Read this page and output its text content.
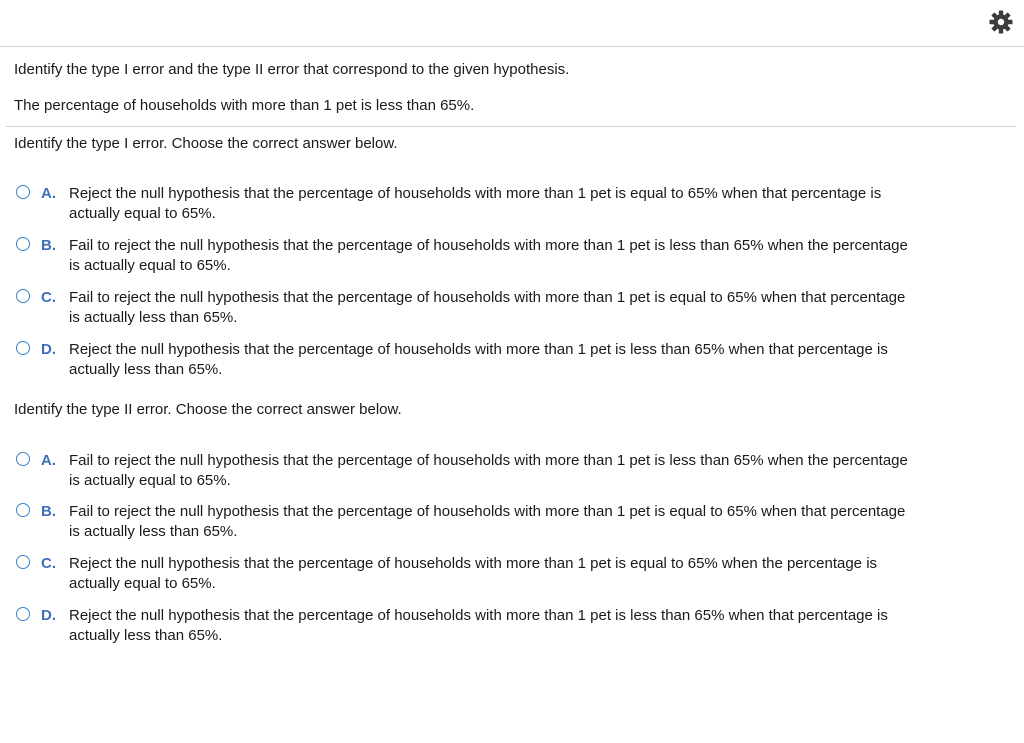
Identify the type I error and the type II error that correspond to the given hypothesis.
The percentage of households with more than 1 pet is less than 65%.
Identify the type I error. Choose the correct answer below.
A. Reject the null hypothesis that the percentage of households with more than 1 pet is equal to 65% when that percentage is
actually equal to 65%.
B. Fail to reject the null hypothesis that the percentage of households with more than 1 pet is less than 65% when the percentage
is actually equal to 65%.
C. Fail to reject the null hypothesis that the percentage of households with more than 1 pet is equal to 65% when that percentage
is actually less than 65%.
D. Reject the null hypothesis that the percentage of households with more than 1 pet is less than 65% when that percentage is
actually less than 65%.
Identify the type II error. Choose the correct answer below.
A. Fail to reject the null hypothesis that the percentage of households with more than 1 pet is less than 65% when the percentage
is actually equal to 65%.
B. Fail to reject the null hypothesis that the percentage of households with more than 1 pet is equal to 65% when that percentage
is actually less than 65%.
C. Reject the null hypothesis that the percentage of households with more than 1 pet is equal to 65% when the percentage is
actually equal to 65%.
D. Reject the null hypothesis that the percentage of households with more than 1 pet is less than 65% when that percentage is
actually less than 65%.
